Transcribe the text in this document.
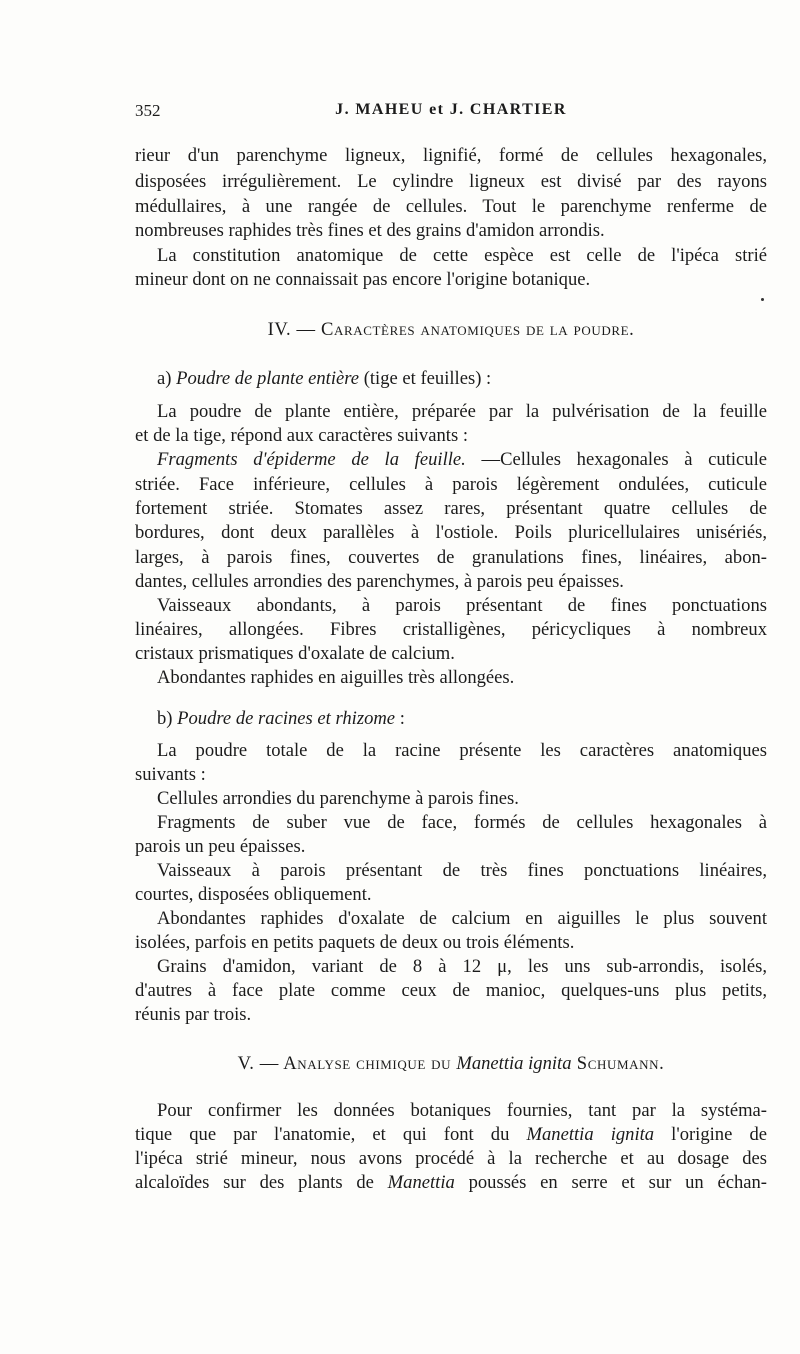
352	J. MAHEU et J. CHARTIER
rieur d'un parenchyme ligneux, lignifié, formé de cellules hexagonales,
disposées irrégulièrement. Le cylindre ligneux est divisé par des rayons
médullaires, à une rangée de cellules. Tout le parenchyme renferme de
nombreuses raphides très fines et des grains d'amidon arrondis.
La constitution anatomique de cette espèce est celle de l'ipéca strié
mineur dont on ne connaissait pas encore l'origine botanique.
IV. — Caractères anatomiques de la poudre.
a) Poudre de plante entière (tige et feuilles) :
La poudre de plante entière, préparée par la pulvérisation de la feuille
et de la tige, répond aux caractères suivants :
Fragments d'épiderme de la feuille. —Cellules hexagonales à cuticule
striée. Face inférieure, cellules à parois légèrement ondulées, cuticule
fortement striée. Stomates assez rares, présentant quatre cellules de
bordures, dont deux parallèles à l'ostiole. Poils pluricellulaires unisériés,
larges, à parois fines, couvertes de granulations fines, linéaires, abon-
dantes, cellules arrondies des parenchymes, à parois peu épaisses.
Vaisseaux abondants, à parois présentant de fines ponctuations
linéaires, allongées. Fibres cristalligènes, péricycliques à nombreux
cristaux prismatiques d'oxalate de calcium.
Abondantes raphides en aiguilles très allongées.
b) Poudre de racines et rhizome :
La poudre totale de la racine présente les caractères anatomiques
suivants :
Cellules arrondies du parenchyme à parois fines.
Fragments de suber vue de face, formés de cellules hexagonales à
parois un peu épaisses.
Vaisseaux à parois présentant de très fines ponctuations linéaires,
courtes, disposées obliquement.
Abondantes raphides d'oxalate de calcium en aiguilles le plus souvent
isolées, parfois en petits paquets de deux ou trois éléments.
Grains d'amidon, variant de 8 à 12 μ, les uns sub-arrondis, isolés,
d'autres à face plate comme ceux de manioc, quelques-uns plus petits,
réunis par trois.
V. — Analyse chimique du Manettia ignita Schumann.
Pour confirmer les données botaniques fournies, tant par la systéma-
tique que par l'anatomie, et qui font du Manettia ignita l'origine de
l'ipéca strié mineur, nous avons procédé à la recherche et au dosage des
alcaloïdes sur des plants de Manettia poussés en serre et sur un échan-
